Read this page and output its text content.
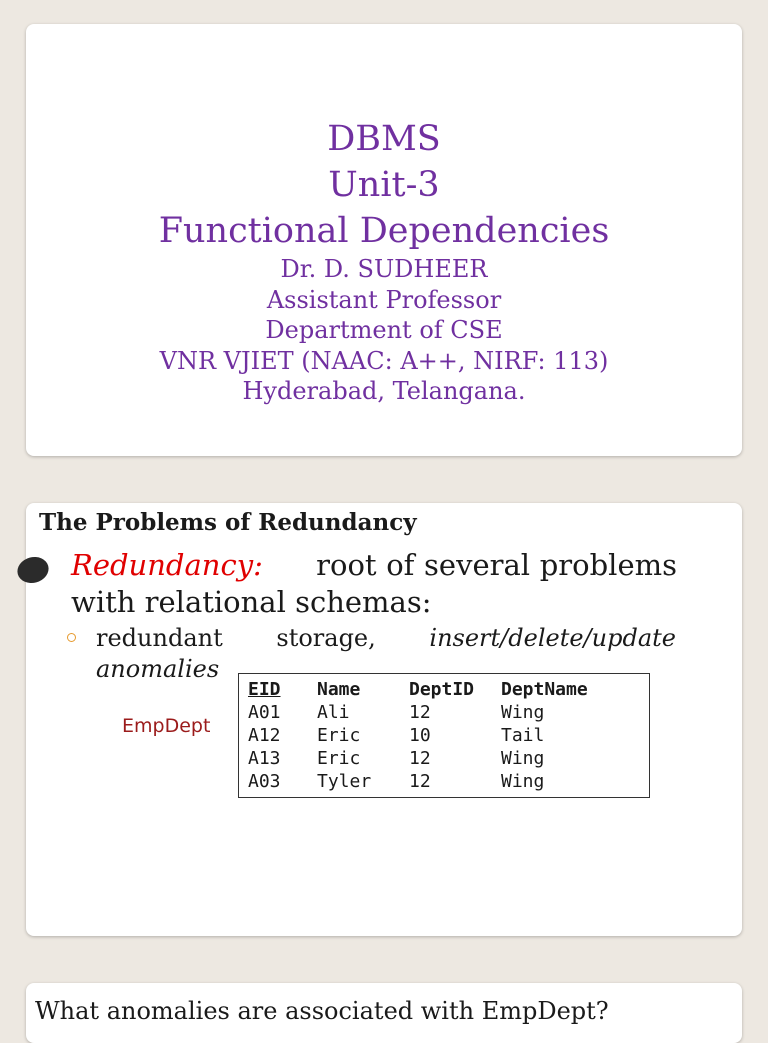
DBMS
Unit-3
Functional Dependencies
Dr. D. SUDHEER
Assistant Professor
Department of CSE
VNR VJIET (NAAC: A++, NIRF: 113)
Hyderabad, Telangana.
The Problems of Redundancy
Redundancy: root of several problems
with relational schemas:
redundant storage, insert/delete/update
anomalies
EmpDept
EID	Name	DeptID	DeptName
A01	Ali	12	Wing
A12	Eric	10	Tail
A13	Eric	12	Wing
A03	Tyler	12	Wing
What anomalies are associated with EmpDept?
